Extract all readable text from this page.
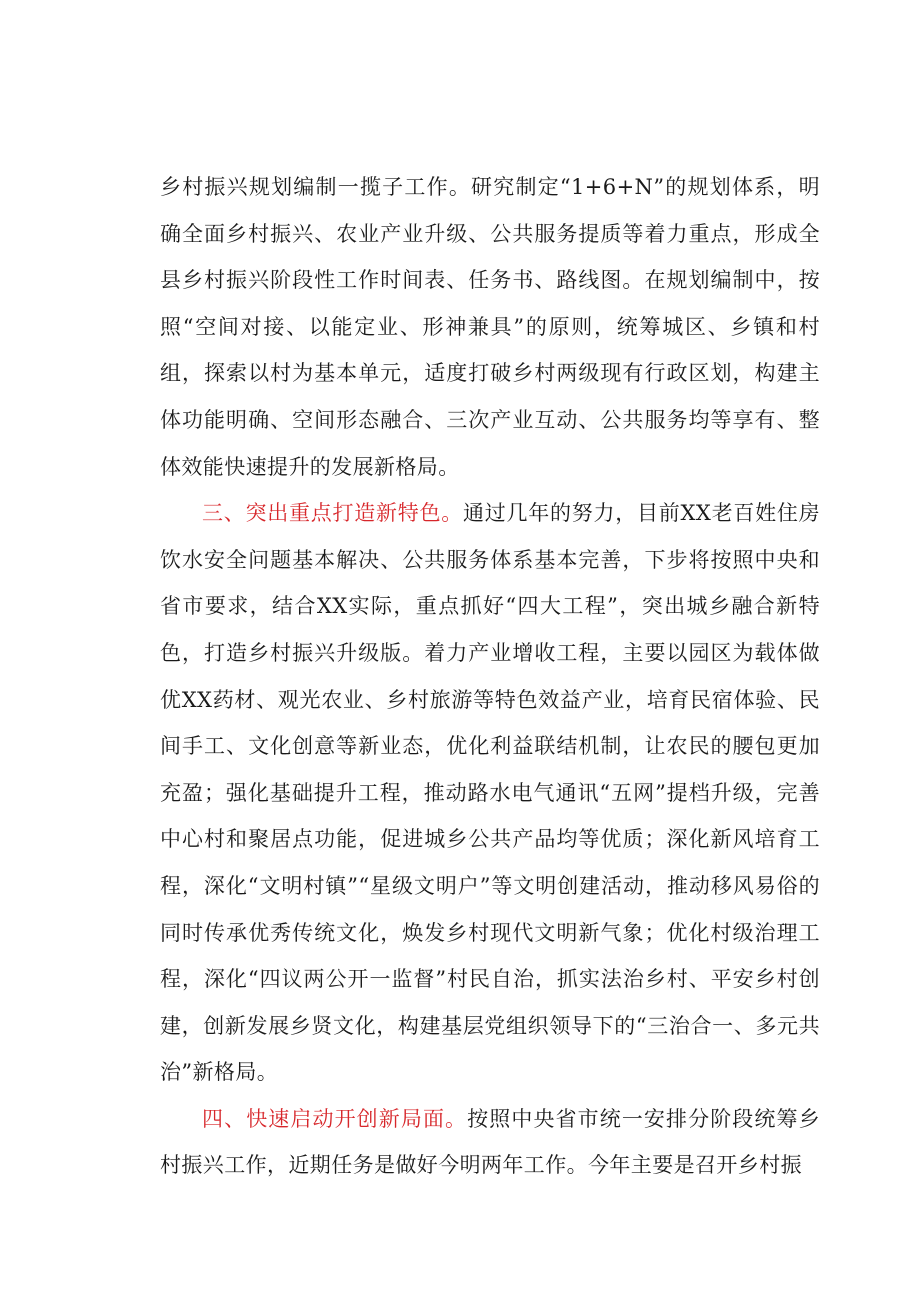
乡村振兴规划编制一揽子工作。研究制定“1+6+N”的规划体系，明确全面乡村振兴、农业产业升级、公共服务提质等着力重点，形成全县乡村振兴阶段性工作时间表、任务书、路线图。在规划编制中，按照“空间对接、以能定业、形神兼具”的原则，统筹城区、乡镇和村组，探索以村为基本单元，适度打破乡村两级现有行政区划，构建主体功能明确、空间形态融合、三次产业互动、公共服务均等享有、整体效能快速提升的发展新格局。

三、突出重点打造新特色。通过几年的努力，目前XX老百姓住房饮水安全问题基本解决、公共服务体系基本完善，下步将按照中央和省市要求，结合XX实际，重点抓好“四大工程”，突出城乡融合新特色，打造乡村振兴升级版。着力产业增收工程，主要以园区为载体做优XX药材、观光农业、乡村旅游等特色效益产业，培育民宿体验、民间手工、文化创意等新业态，优化利益联结机制，让农民的腰包更加充盈；强化基础提升工程，推动路水电气通讯“五网”提档升级，完善中心村和聚居点功能，促进城乡公共产品均等优质；深化新风培育工程，深化“文明村镇”“星级文明户”等文明创建活动，推动移风易俗的同时传承优秀传统文化，焕发乡村现代文明新气象；优化村级治理工程，深化“四议两公开一监督”村民自治，抓实法治乡村、平安乡村创建，创新发展乡贤文化，构建基层党组织领导下的“三治合一、多元共治”新格局。

四、快速启动开创新局面。按照中央省市统一安排分阶段统筹乡村振兴工作，近期任务是做好今明两年工作。今年主要是召开乡村振
